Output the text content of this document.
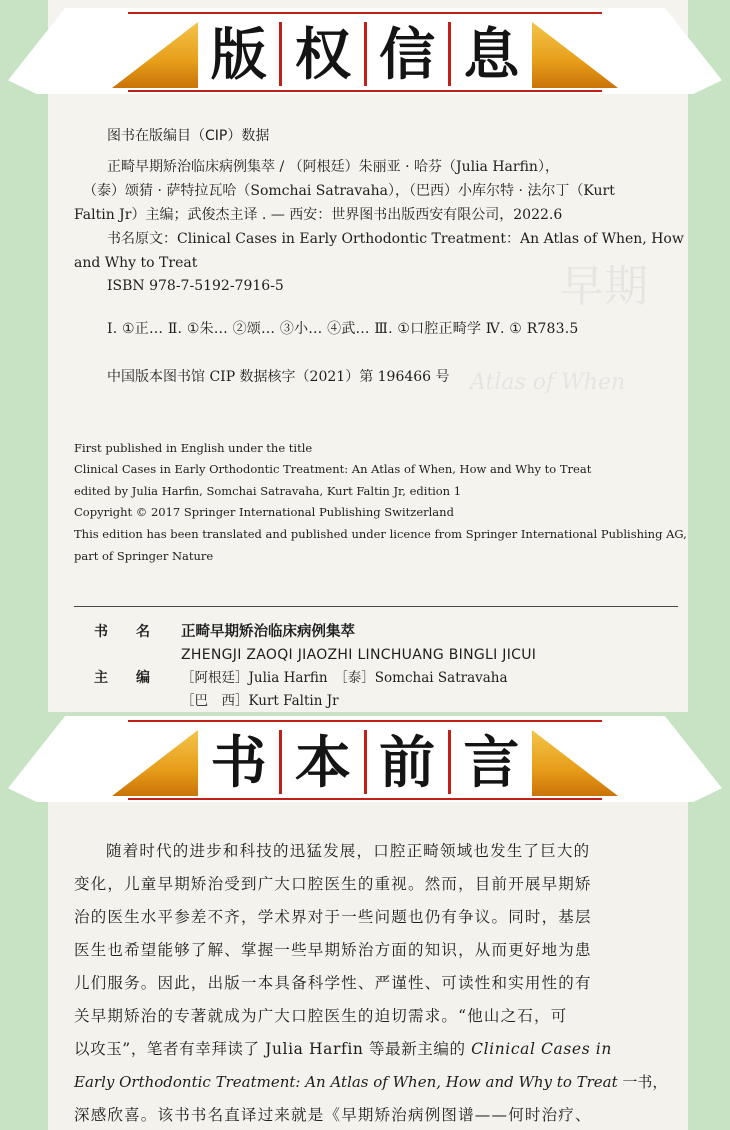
早期
Atlas of When
版 权 信 息
图书在版编目（CIP）数据
正畸早期矫治临床病例集萃 / （阿根廷）朱丽亚 · 哈芬（Julia Harfin），
（泰）颂猜 · 萨特拉瓦哈（Somchai Satravaha），（巴西）小库尔特 · 法尔丁（Kurt
Faltin Jr）主编；武俊杰主译 . — 西安：世界图书出版西安有限公司，2022.6
书名原文：Clinical Cases in Early Orthodontic Treatment：An Atlas of When, How
and Why to Treat
ISBN 978-7-5192-7916-5
Ⅰ. ①正… Ⅱ. ①朱… ②颂… ③小… ④武… Ⅲ. ①口腔正畸学 Ⅳ. ① R783.5
中国版本图书馆 CIP 数据核字（2021）第 196466 号
First published in English under the title
Clinical Cases in Early Orthodontic Treatment: An Atlas of When, How and Why to Treat
edited by Julia Harfin, Somchai Satravaha, Kurt Faltin Jr, edition 1
Copyright © 2017 Springer International Publishing Switzerland
This edition has been translated and published under licence from Springer International Publishing AG,
part of Springer Nature
书　　名 正畸早期矫治临床病例集萃
ZHENGJI ZAOQI JIAOZHI LINCHUANG BINGLI JICUI
主　　编 ［阿根廷］Julia Harfin　［泰］Somchai Satravaha
［巴　西］Kurt Faltin Jr
书 本 前 言
随着时代的进步和科技的迅猛发展，口腔正畸领域也发生了巨大的
变化，儿童早期矫治受到广大口腔医生的重视。然而，目前开展早期矫
治的医生水平参差不齐，学术界对于一些问题也仍有争议。同时，基层
医生也希望能够了解、掌握一些早期矫治方面的知识，从而更好地为患
儿们服务。因此，出版一本具备科学性、严谨性、可读性和实用性的有
关早期矫治的专著就成为广大口腔医生的迫切需求。“他山之石，可
以攻玉”，笔者有幸拜读了 Julia Harfin 等最新主编的 Clinical Cases in
Early Orthodontic Treatment: An Atlas of When, How and Why to Treat 一书，
深感欣喜。该书书名直译过来就是《早期矫治病例图谱——何时治疗、
